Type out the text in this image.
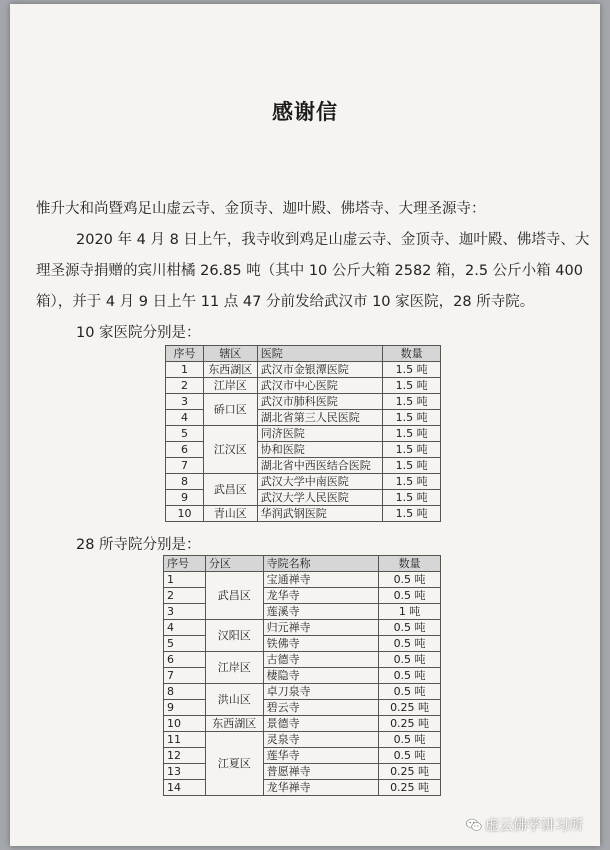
感谢信
惟升大和尚暨鸡足山虚云寺、金顶寺、迦叶殿、佛塔寺、大理圣源寺：
2020 年 4 月 8 日上午，我寺收到鸡足山虚云寺、金顶寺、迦叶殿、佛塔寺、大
理圣源寺捐赠的宾川柑橘 26.85 吨（其中 10 公斤大箱 2582 箱，2.5 公斤小箱 400
箱），并于 4 月 9 日上午 11 点 47 分前发给武汉市 10 家医院，28 所寺院。
10 家医院分别是：
序号	辖区	医院	数量
1	东西湖区	武汉市金银潭医院	1.5 吨
2	江岸区	武汉市中心医院	1.5 吨
3	硚口区	武汉市肺科医院	1.5 吨
4		湖北省第三人民医院	1.5 吨
5	江汉区	同济医院	1.5 吨
6		协和医院	1.5 吨
7		湖北省中西医结合医院	1.5 吨
8	武昌区	武汉大学中南医院	1.5 吨
9		武汉大学人民医院	1.5 吨
10	青山区	华润武钢医院	1.5 吨
28 所寺院分别是：
序号	分区	寺院名称	数量
1	武昌区	宝通禅寺	0.5 吨
2		龙华寺	0.5 吨
3		莲溪寺	1 吨
4	汉阳区	归元禅寺	0.5 吨
5		铁佛寺	0.5 吨
6	江岸区	古德寺	0.5 吨
7		棲隐寺	0.5 吨
8	洪山区	卓刀泉寺	0.5 吨
9		碧云寺	0.25 吨
10	东西湖区	景德寺	0.25 吨
11	江夏区	灵泉寺	0.5 吨
12		莲华寺	0.5 吨
13		普愿禅寺	0.25 吨
14		龙华禅寺	0.25 吨
虚云佛学讲习所
